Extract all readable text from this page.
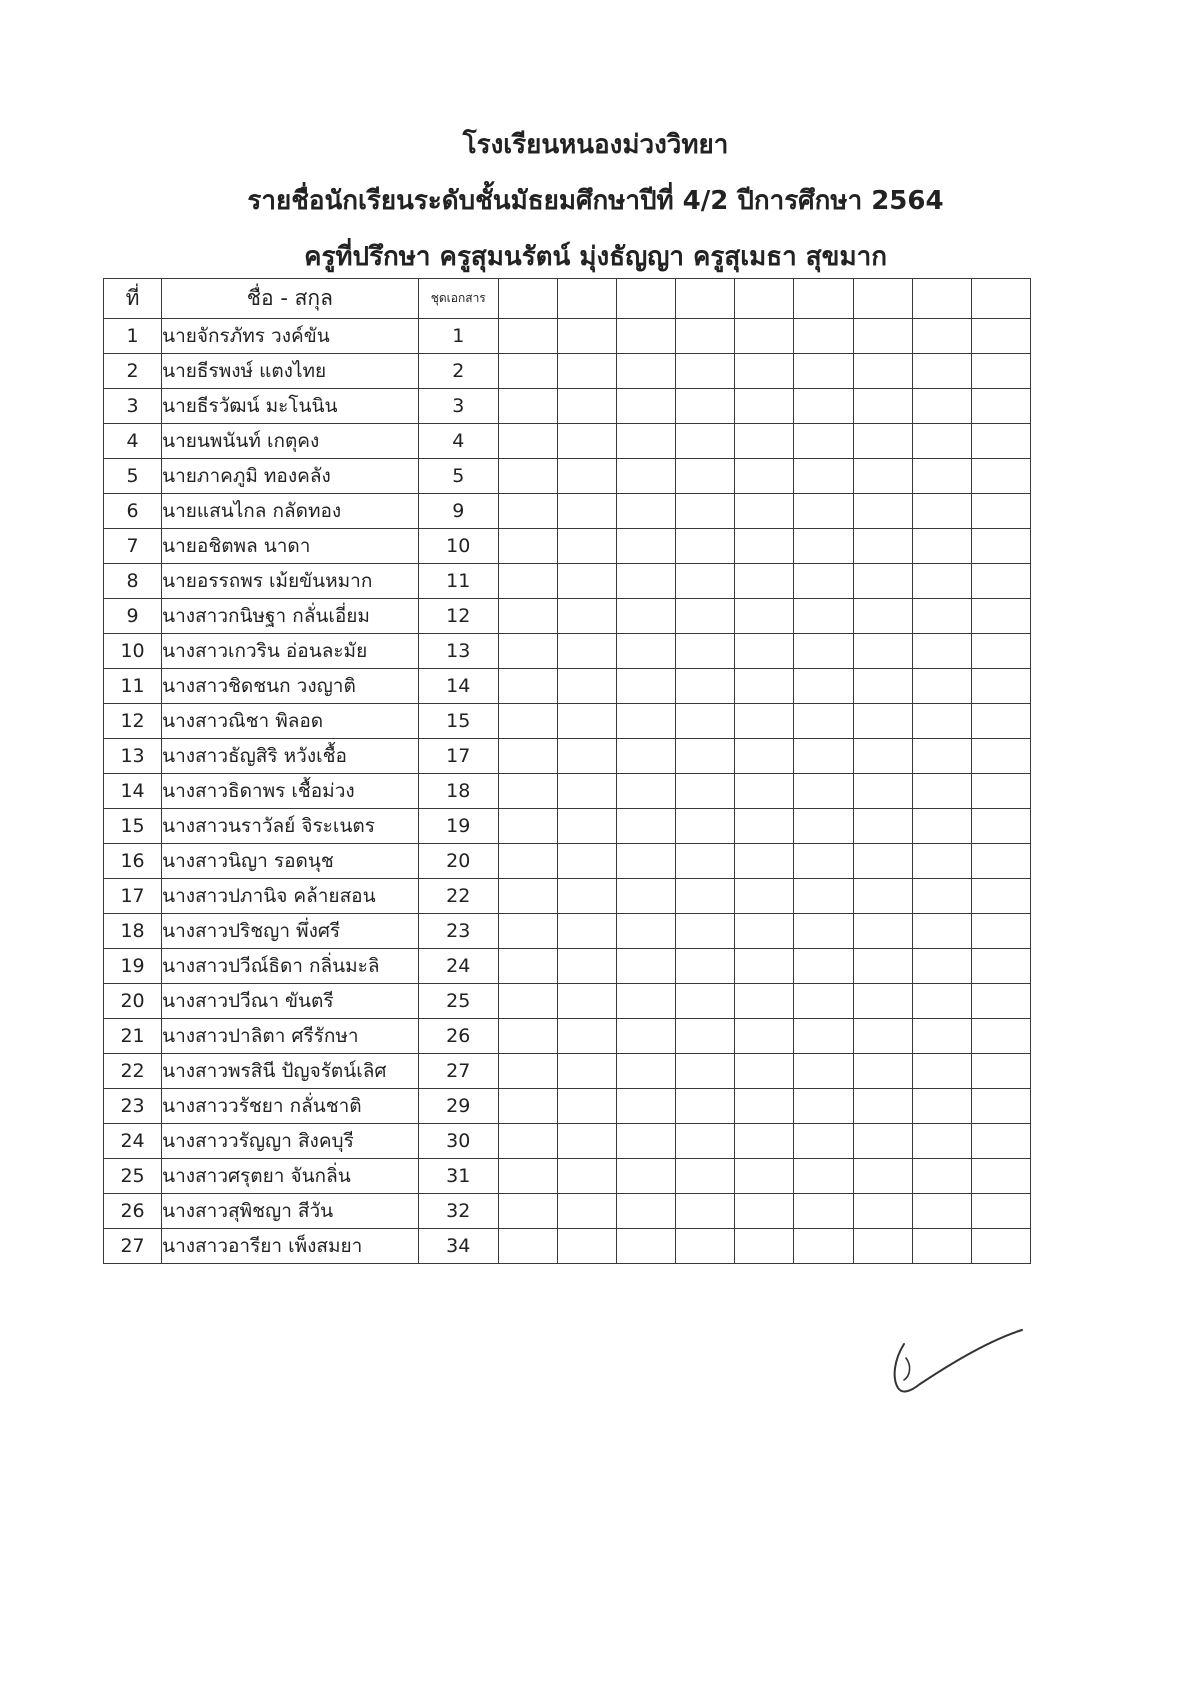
โรงเรียนหนองม่วงวิทยา
รายชื่อนักเรียนระดับชั้นมัธยมศึกษาปีที่ 4/2 ปีการศึกษา 2564
ครูที่ปรึกษา ครูสุมนรัตน์ มุ่งธัญญา ครูสุเมธา สุขมาก
ที่	ชื่อ - สกุล	ชุดเอกสาร									
1	นายจักรภัทร วงค์ขัน	1									
2	นายธีรพงษ์ แตงไทย	2									
3	นายธีรวัฒน์ มะโนนิน	3									
4	นายนพนันท์ เกตุคง	4									
5	นายภาคภูมิ ทองคลัง	5									
6	นายแสนไกล กลัดทอง	9									
7	นายอชิตพล นาดา	10									
8	นายอรรถพร เม้ยขันหมาก	11									
9	นางสาวกนิษฐา กลั่นเอี่ยม	12									
10	นางสาวเกวริน อ่อนละมัย	13									
11	นางสาวชิดชนก วงญาติ	14									
12	นางสาวณิชา พิลอด	15									
13	นางสาวธัญสิริ หวังเชื้อ	17									
14	นางสาวธิดาพร เชื้อม่วง	18									
15	นางสาวนราวัลย์ จิระเนตร	19									
16	นางสาวนิญา รอดนุช	20									
17	นางสาวปภานิจ คล้ายสอน	22									
18	นางสาวปริชญา พึ่งศรี	23									
19	นางสาวปวีณ์ธิดา กลิ่นมะลิ	24									
20	นางสาวปวีณา ขันตรี	25									
21	นางสาวปาลิตา ศรีรักษา	26									
22	นางสาวพรสินี ปัญจรัตน์เลิศ	27									
23	นางสาววรัชยา กลั่นชาติ	29									
24	นางสาววรัญญา สิงคบุรี	30									
25	นางสาวศรุตยา จันกลิ่น	31									
26	นางสาวสุพิชญา สีวัน	32									
27	นางสาวอารียา เพ็งสมยา	34									
